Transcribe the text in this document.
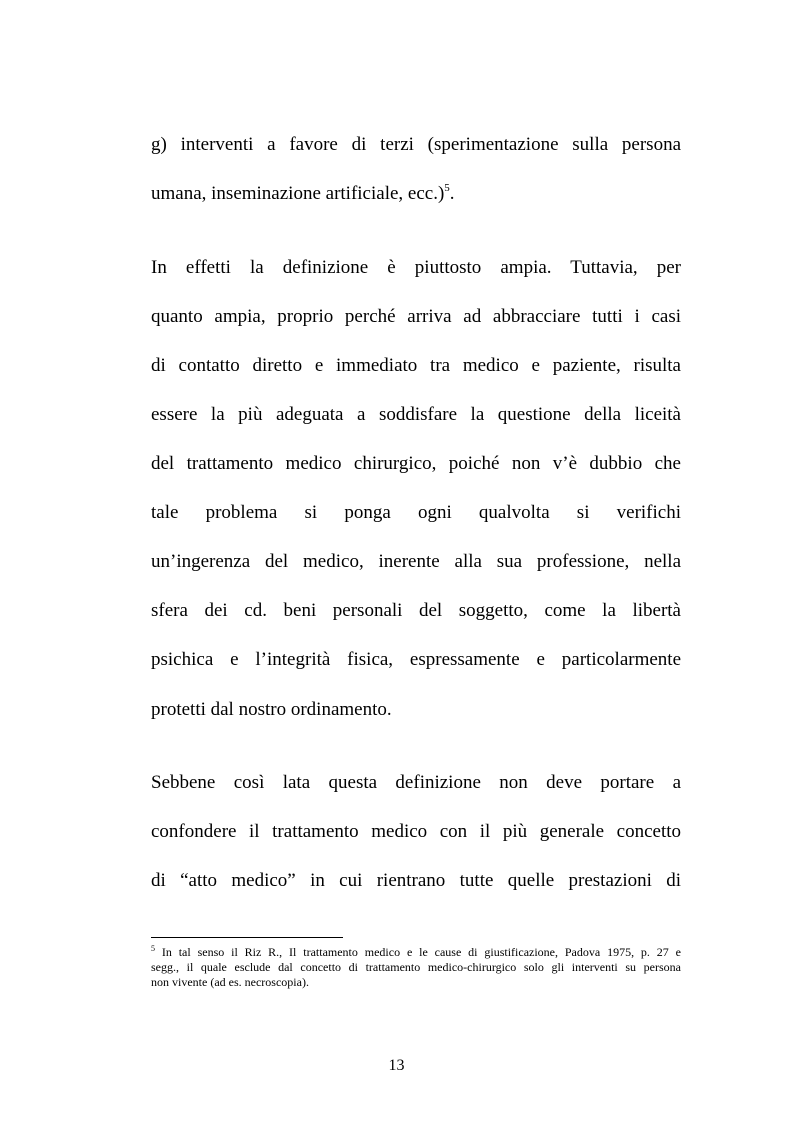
g) interventi a favore di terzi (sperimentazione sulla persona
umana, inseminazione artificiale, ecc.)$^5$.
In effetti la definizione è piuttosto ampia. Tuttavia, per
quanto ampia, proprio perché arriva ad abbracciare tutti i casi
di contatto diretto e immediato tra medico e paziente, risulta
essere la più adeguata a soddisfare la questione della liceità
del trattamento medico chirurgico, poiché non v’è dubbio che
tale problema si ponga ogni qualvolta si verifichi
un’ingerenza del medico, inerente alla sua professione, nella
sfera dei cd. beni personali del soggetto, come la libertà
psichica e l’integrità fisica, espressamente e particolarmente
protetti dal nostro ordinamento.
Sebbene così lata questa definizione non deve portare a
confondere il trattamento medico con il più generale concetto
di “atto medico” in cui rientrano tutte quelle prestazioni di
$^5$ In tal senso il Riz R., Il trattamento medico e le cause di giustificazione, Padova 1975, p. 27 e
segg., il quale esclude dal concetto di trattamento medico-chirurgico solo gli interventi su persona
non vivente (ad es. necroscopia).
13
